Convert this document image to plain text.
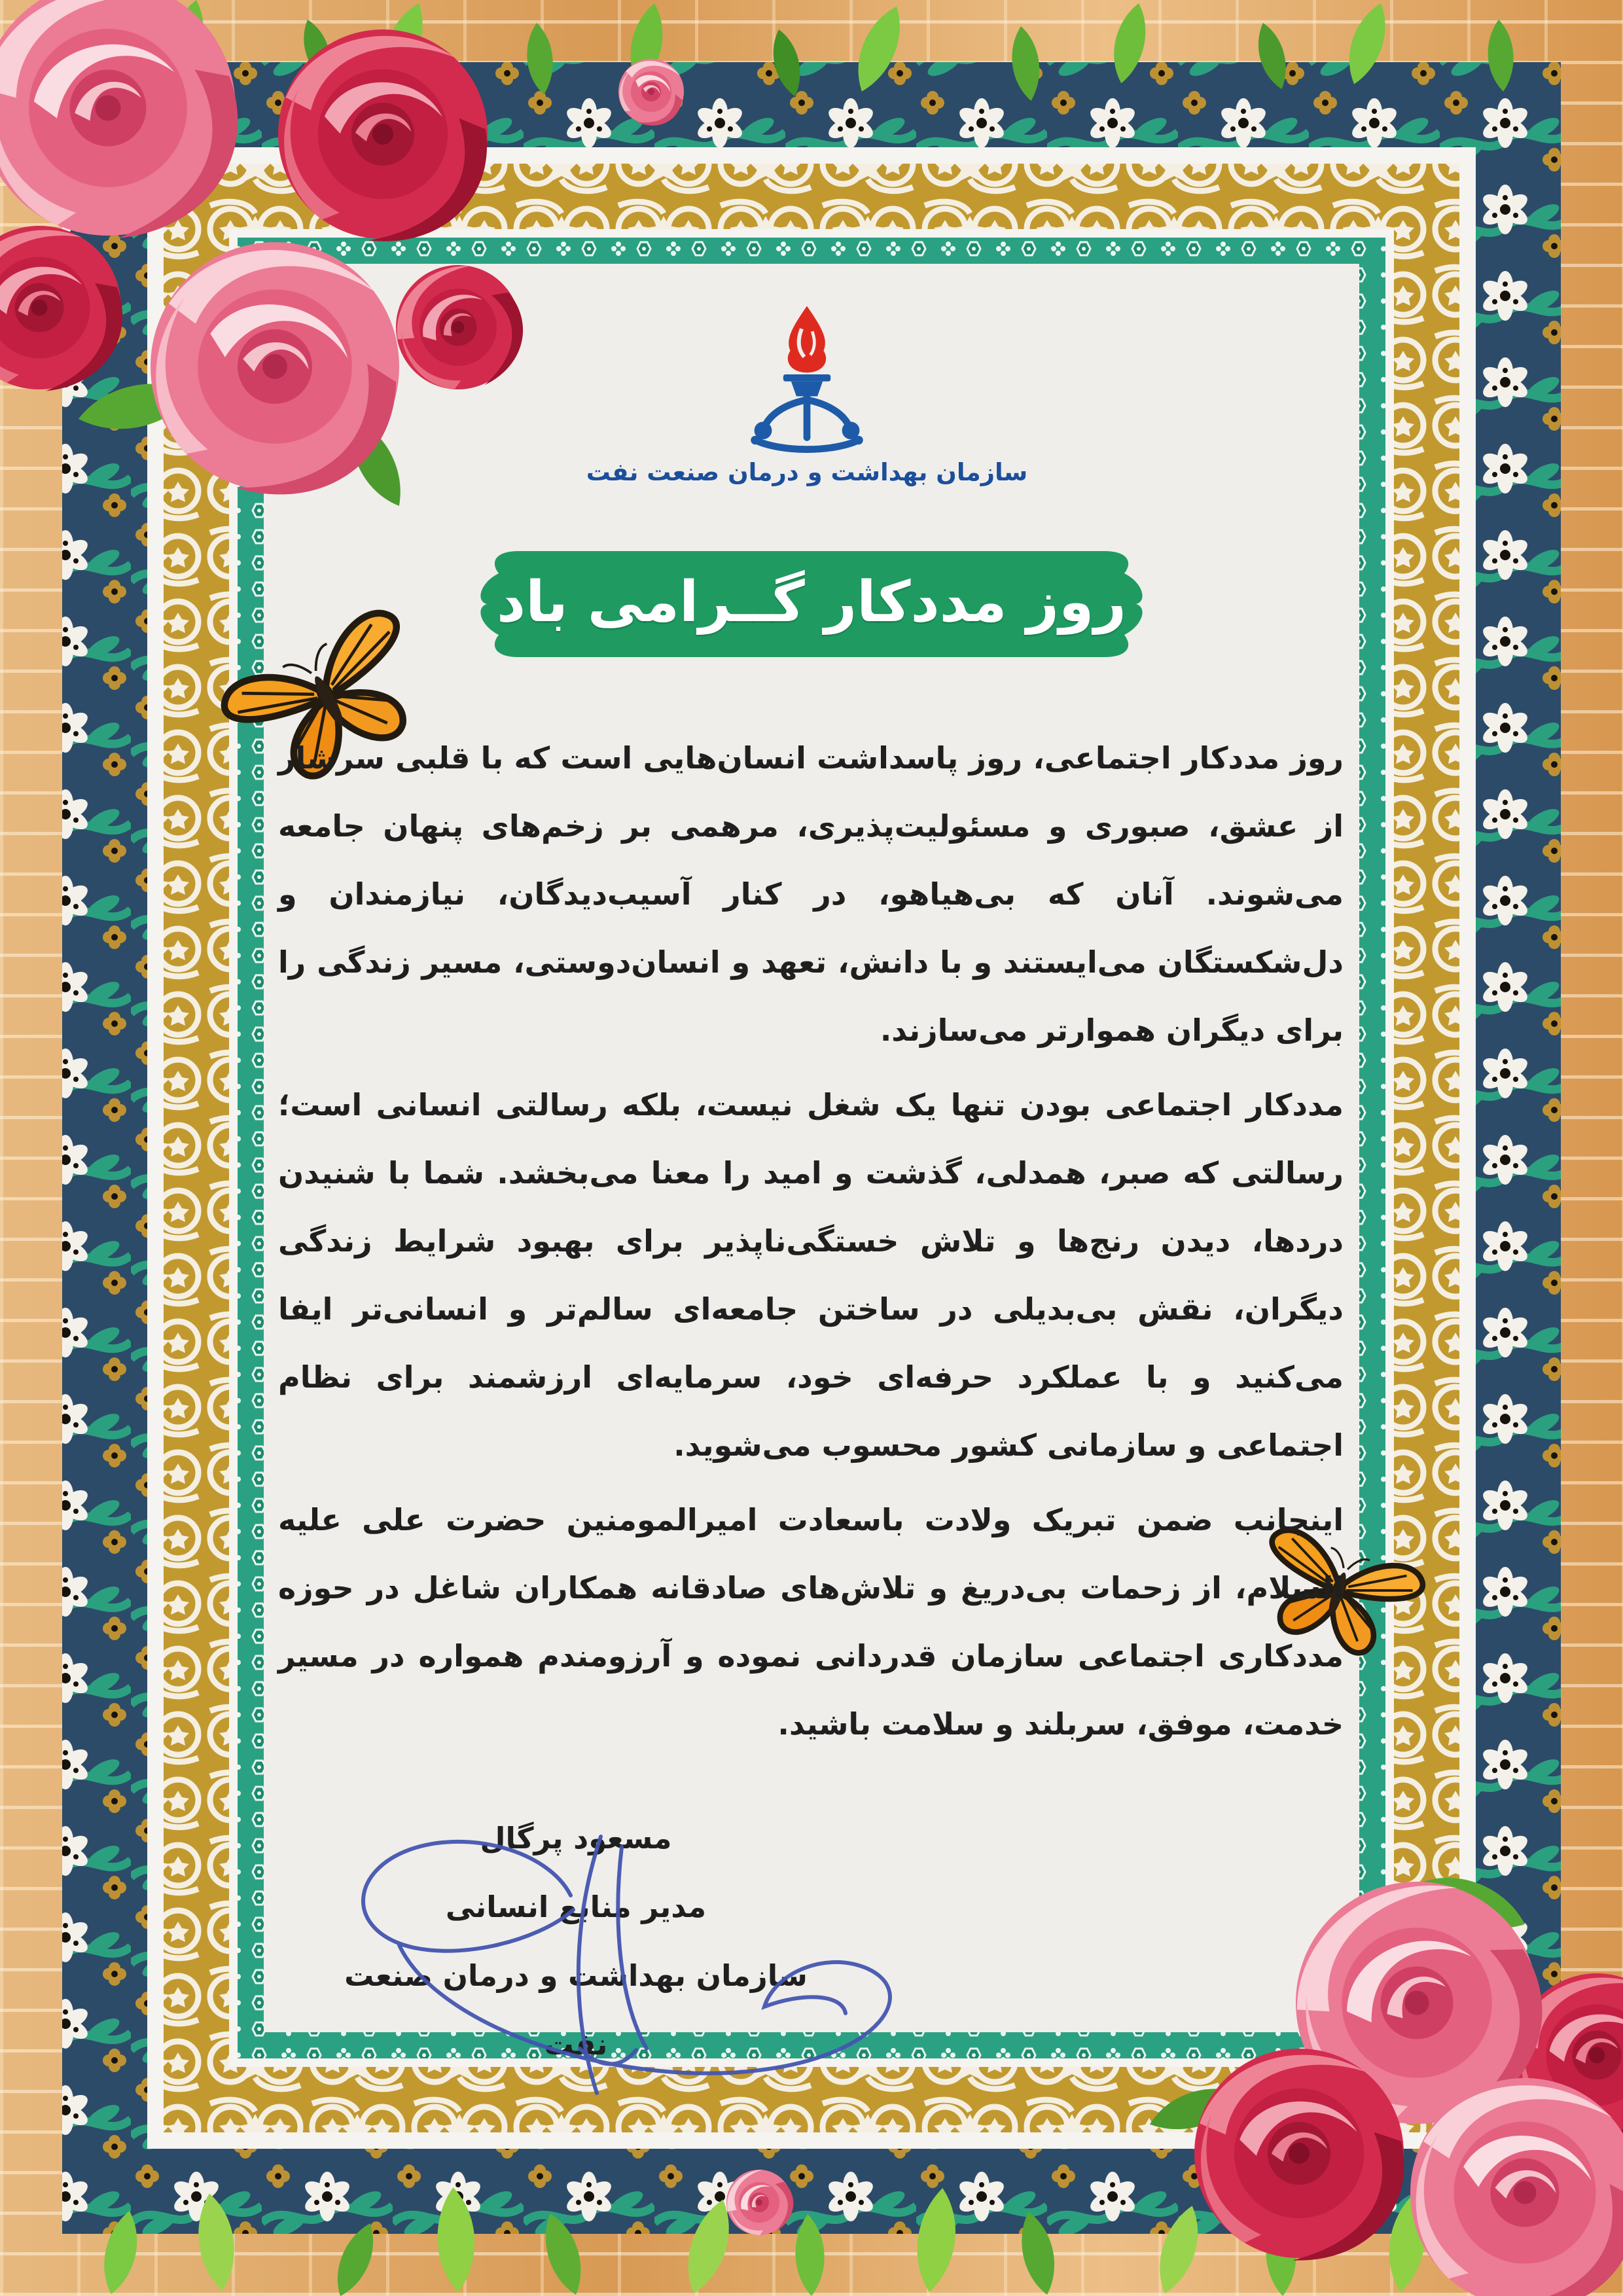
روز مددکار گــرامی باد
سازمان بهداشت و درمان صنعت نفت

روز مددکار اجتماعی، روز پاسداشت انسان‌هایی است که با قلبی سرشار از عشق، صبوری و مسئولیت‌پذیری، مرهمی بر زخم‌های پنهان جامعه می‌شوند. آنان که بی‌هیاهو، در کنار آسیب‌دیدگان، نیازمندان و دل‌شکستگان می‌ایستند و با دانش، تعهد و انسان‌دوستی، مسیر زندگی را برای دیگران هموارتر می‌سازند.

مددکار اجتماعی بودن تنها یک شغل نیست، بلکه رسالتی انسانی است؛ رسالتی که صبر، همدلی، گذشت و امید را معنا می‌بخشد. شما با شنیدن دردها، دیدن رنج‌ها و تلاش خستگی‌ناپذیر برای بهبود شرایط زندگی دیگران، نقش بی‌بدیلی در ساختن جامعه‌ای سالم‌تر و انسانی‌تر ایفا می‌کنید و با عملکرد حرفه‌ای خود، سرمایه‌ای ارزشمند برای نظام اجتماعی و سازمانی کشور محسوب می‌شوید.

اینجانب ضمن تبریک ولادت باسعادت امیرالمومنین حضرت علی علیه السلام، از زحمات بی‌دریغ و تلاش‌های صادقانه همکاران شاغل در حوزه مددکاری اجتماعی سازمان قدردانی نموده و آرزومندم همواره در مسیر خدمت، موفق، سربلند و سلامت باشید.

مسعود پرگال
مدیر منابع انسانی
سازمان بهداشت و درمان صنعت نفت
